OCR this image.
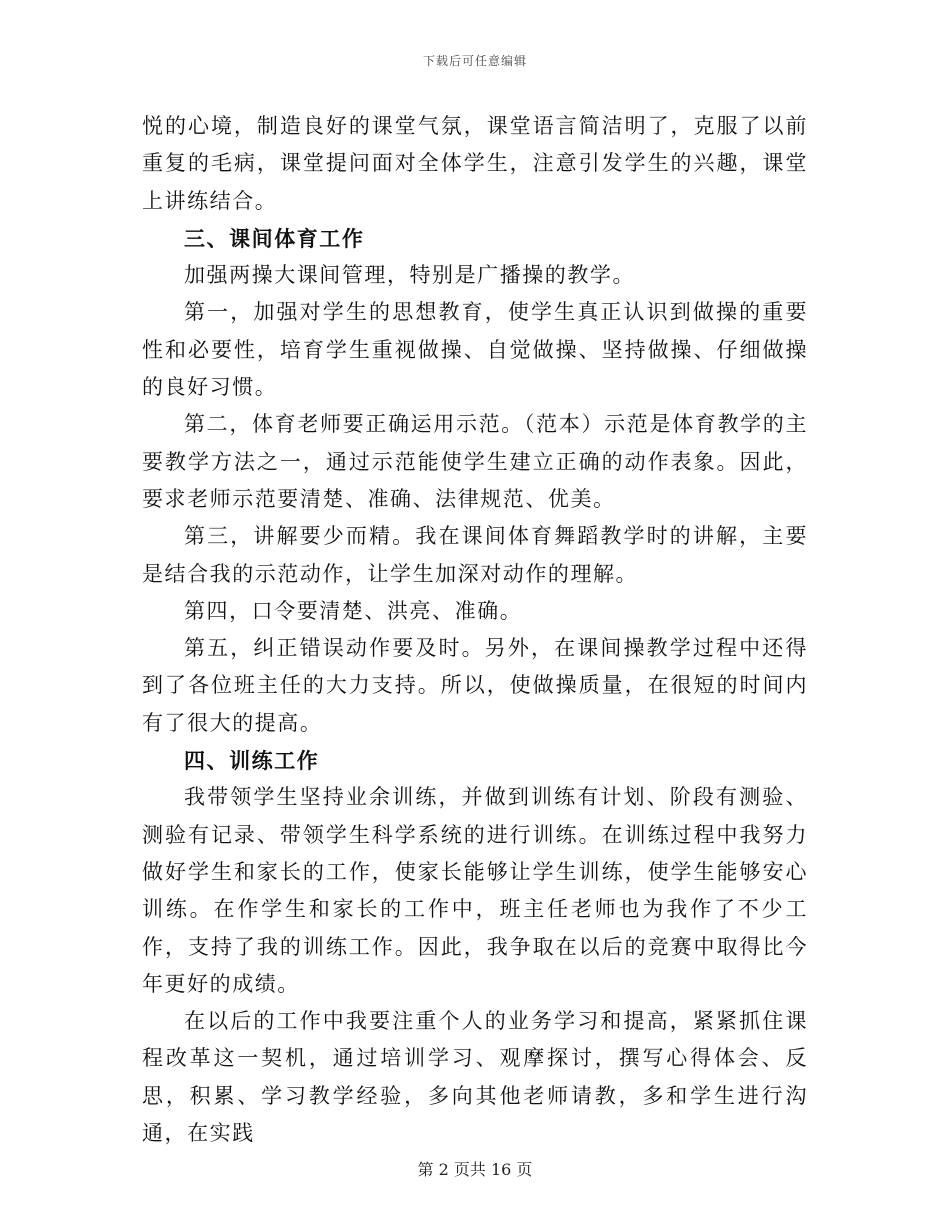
下载后可任意编辑

悦的心境，制造良好的课堂气氛，课堂语言简洁明了，克服了以前重复的毛病，课堂提问面对全体学生，注意引发学生的兴趣，课堂上讲练结合。

三、课间体育工作

加强两操大课间管理，特别是广播操的教学。

第一，加强对学生的思想教育，使学生真正认识到做操的重要性和必要性，培育学生重视做操、自觉做操、坚持做操、仔细做操的良好习惯。

第二，体育老师要正确运用示范。（范本）示范是体育教学的主要教学方法之一，通过示范能使学生建立正确的动作表象。因此，要求老师示范要清楚、准确、法律规范、优美。

第三，讲解要少而精。我在课间体育舞蹈教学时的讲解，主要是结合我的示范动作，让学生加深对动作的理解。

第四，口令要清楚、洪亮、准确。

第五，纠正错误动作要及时。另外，在课间操教学过程中还得到了各位班主任的大力支持。所以，使做操质量，在很短的时间内有了很大的提高。

四、训练工作

我带领学生坚持业余训练，并做到训练有计划、阶段有测验、测验有记录、带领学生科学系统的进行训练。在训练过程中我努力做好学生和家长的工作，使家长能够让学生训练，使学生能够安心训练。在作学生和家长的工作中，班主任老师也为我作了不少工作，支持了我的训练工作。因此，我争取在以后的竞赛中取得比今年更好的成绩。

在以后的工作中我要注重个人的业务学习和提高，紧紧抓住课程改革这一契机，通过培训学习、观摩探讨，撰写心得体会、反思，积累、学习教学经验，多向其他老师请教，多和学生进行沟通，在实践

第 2 页共 16 页
